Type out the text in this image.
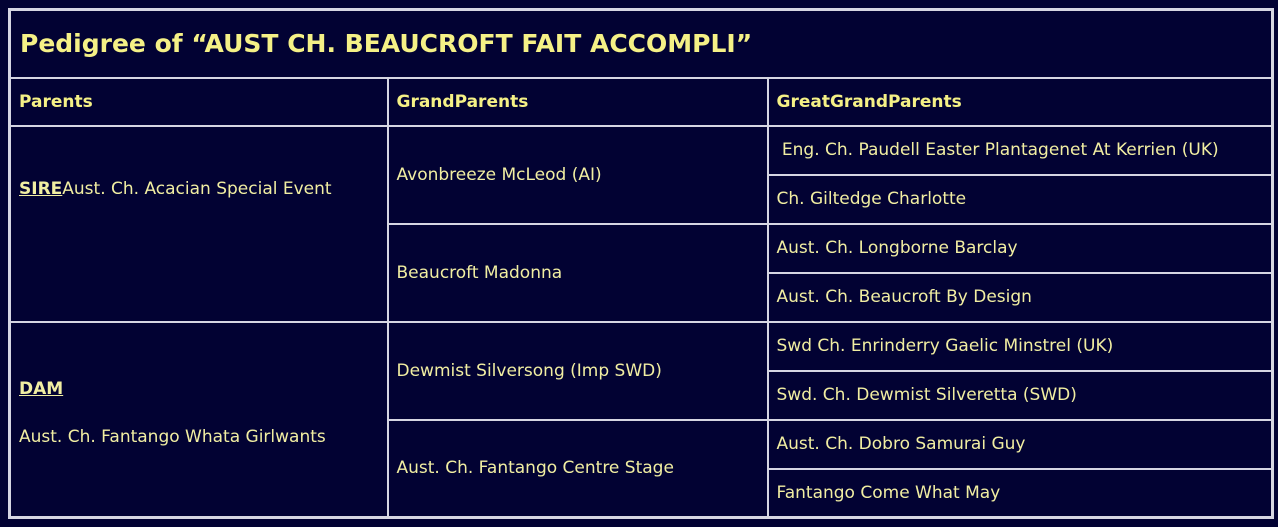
Pedigree of “AUST CH. BEAUCROFT FAIT ACCOMPLI”		
Parents	GrandParents	GreatGrandParents
SIREAust. Ch. Acacian Special Event	Avonbreeze McLeod (AI)	Eng. Ch. Paudell Easter Plantagenet At Kerrien (UK)
		Ch. Giltedge Charlotte
	Beaucroft Madonna	Aust. Ch. Longborne Barclay
		Aust. Ch. Beaucroft By Design

DAM
Aust. Ch. Fantango Whata Girlwants	Dewmist Silversong (Imp SWD)	Swd Ch. Enrinderry Gaelic Minstrel (UK)
		Swd. Ch. Dewmist Silveretta (SWD)
	Aust. Ch. Fantango Centre Stage	Aust. Ch. Dobro Samurai Guy
		Fantango Come What May
